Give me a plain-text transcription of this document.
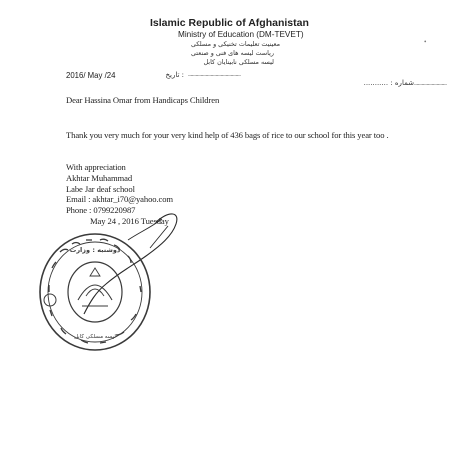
Islamic Republic of Afghanistan
Ministry of Education (DM-TEVET)
معینیت تعلیمات تخنیکی و مسلکی
ریاست لیسه های فنی و صنعتی
لیسه مسلکی نابینایان کابل
•
2016/ May /24	: تاریخ ..........................................
شماره : ........... ..........................
Dear Hassina Omar from Handicaps Children
Thank you very much for your very kind help of 436 bags of rice to our school for this year too .
With appreciation
Akhtar Muhammad
Labe Jar deaf school
Email : akhtar_i70@yahoo.com
Phone : 0799220987
May 24 , 2016 Tuesday
دوشنبه : وزارت
لیسه مسلکی کابل
